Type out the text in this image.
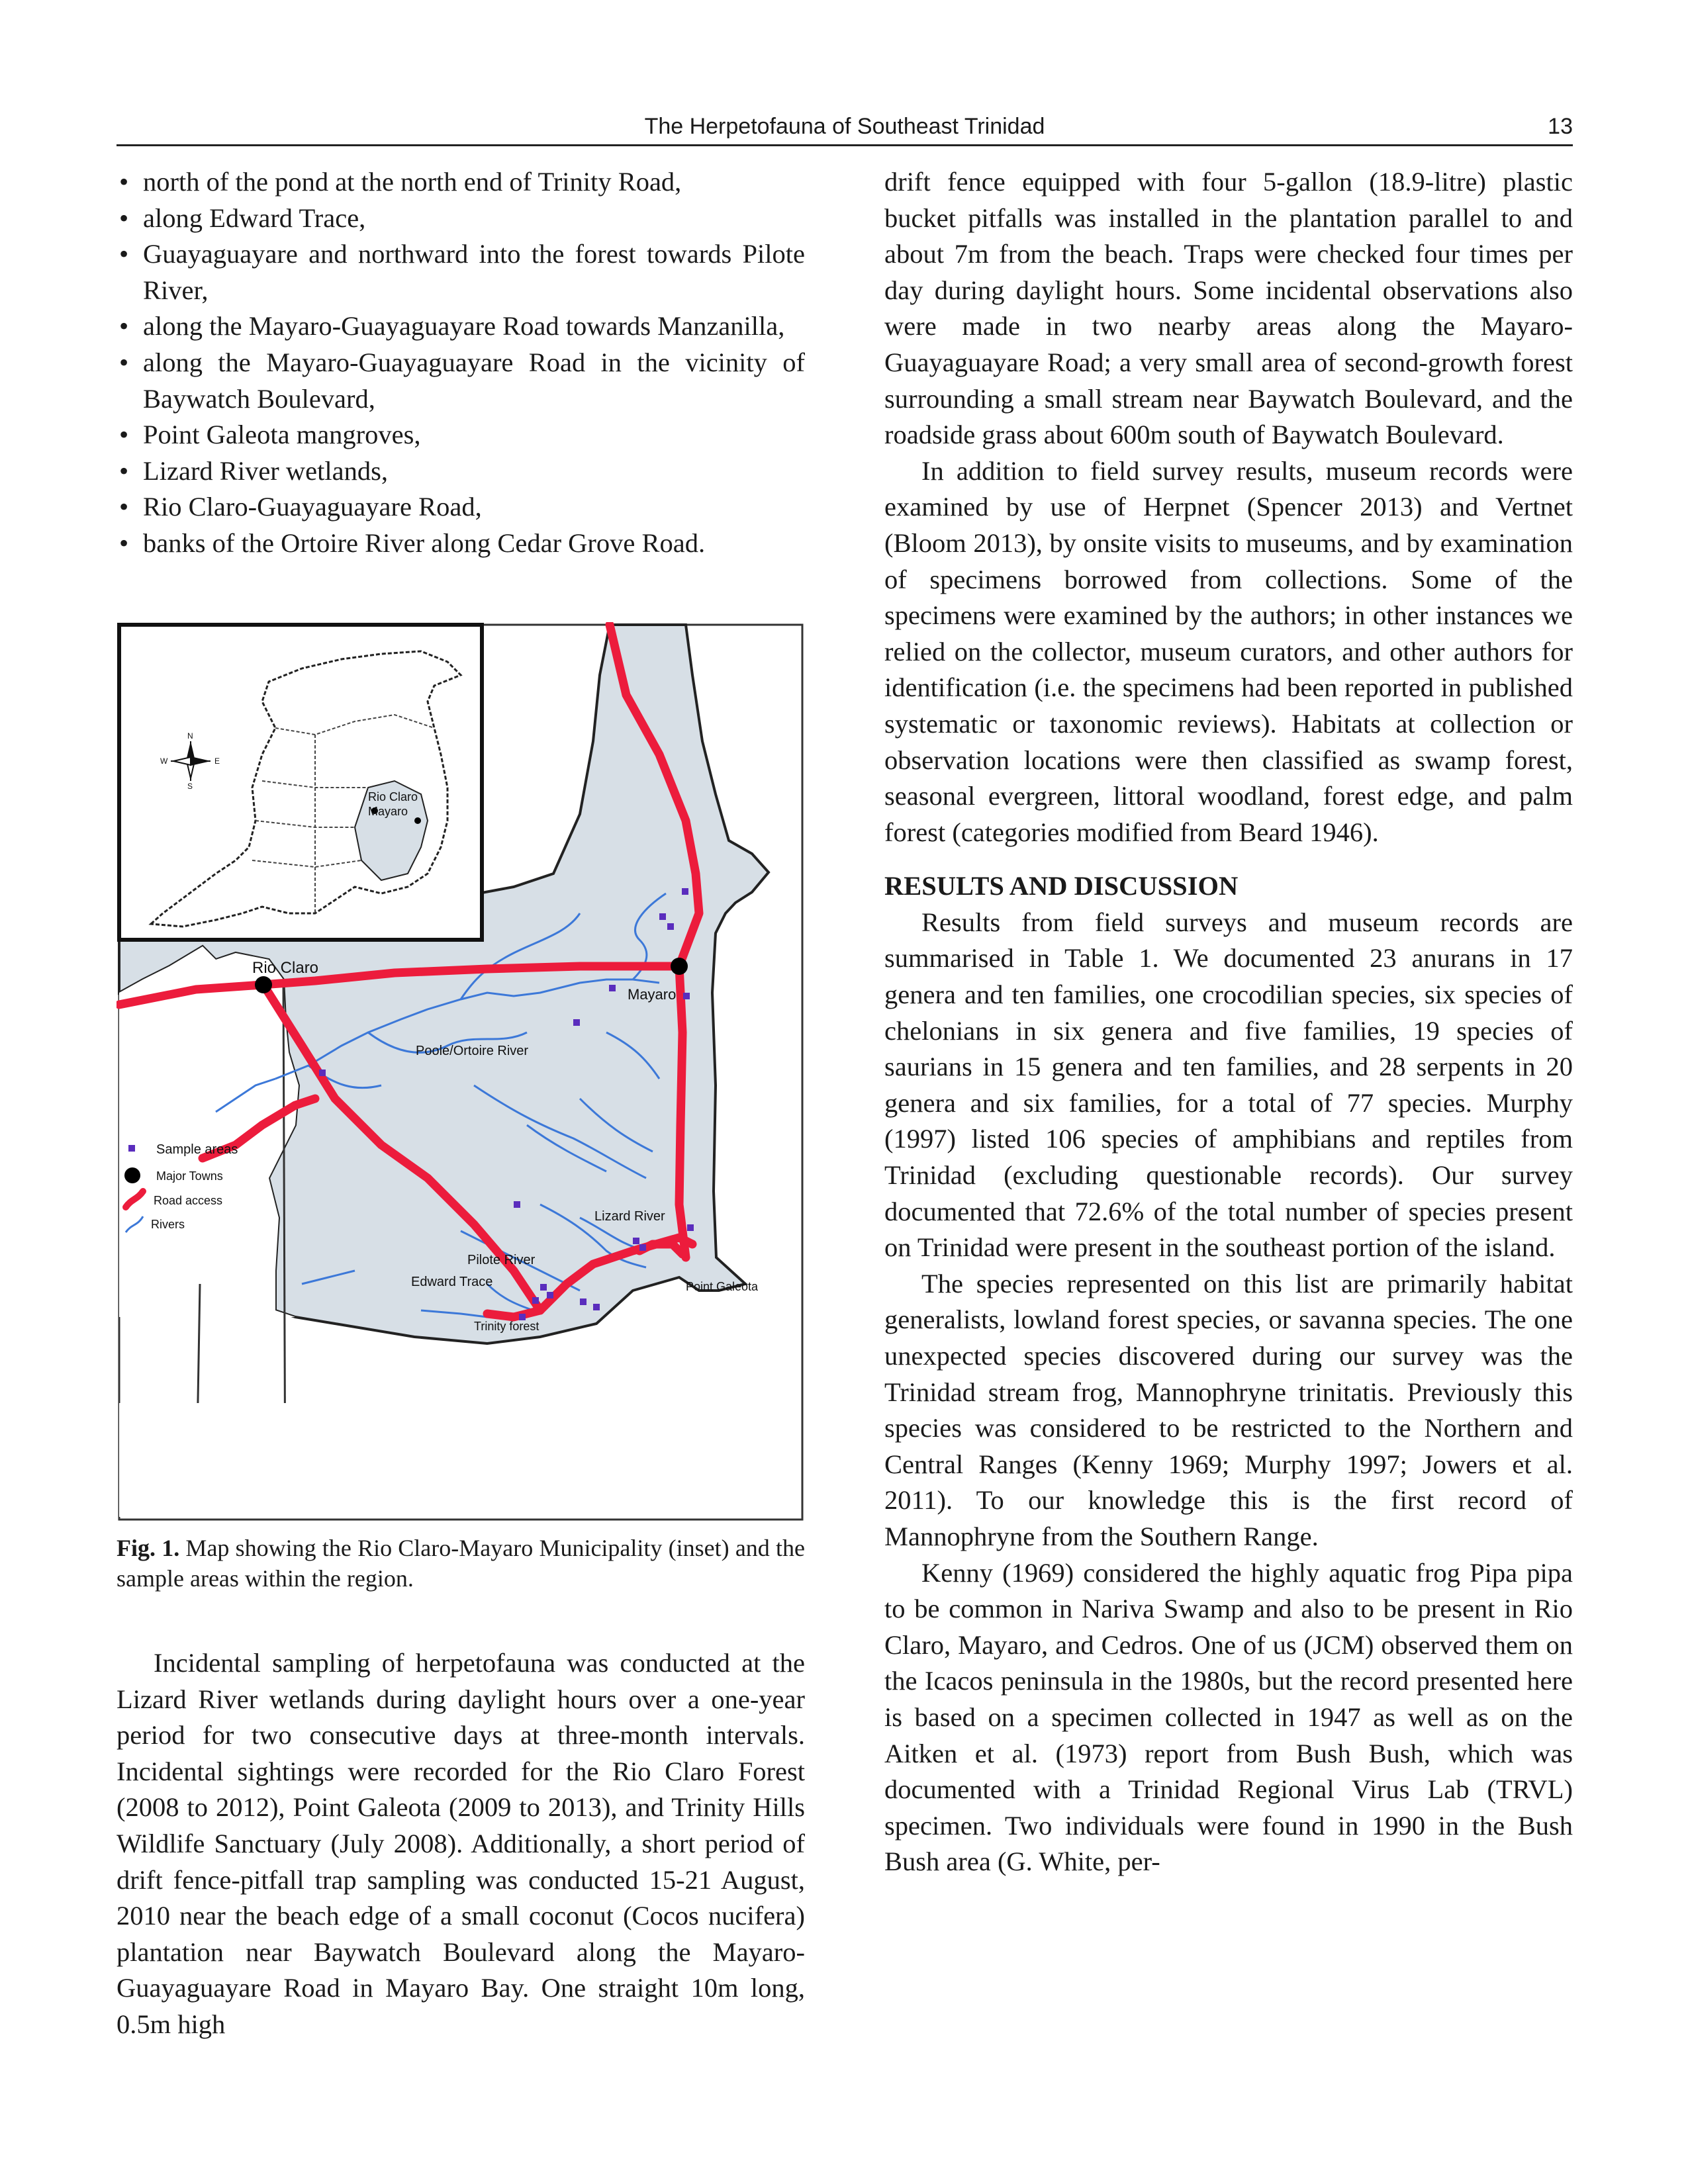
The Herpetofauna of Southeast Trinidad	13
• north of the pond at the north end of Trinity Road,
• along Edward Trace,
• Guayaguayare and northward into the forest towards Pilote River,
• along the Mayaro-Guayaguayare Road towards Manzanilla,
• along the Mayaro-Guayaguayare Road in the vicinity of Baywatch Boulevard,
• Point Galeota mangroves,
• Lizard River wetlands,
• Rio Claro-Guayaguayare Road,
• banks of the Ortoire River along Cedar Grove Road.
Rio Claro
Mayaro
Poole/Ortoire River
Lizard River
Pilote River
Edward Trace
Trinity forest
Point Galeota
Sample areas
Major Towns
Road access
Rivers
Rio Claro
Mayaro
N
S
W	E
Fig. 1. Map showing the Rio Claro-Mayaro Municipality (inset) and the sample areas within the region.

Incidental sampling of herpetofauna was conducted at the Lizard River wetlands during daylight hours over a one-year period for two consecutive days at three-month intervals. Incidental sightings were recorded for the Rio Claro Forest (2008 to 2012), Point Galeota (2009 to 2013), and Trinity Hills Wildlife Sanctuary (July 2008). Additionally, a short period of drift fence-pitfall trap sampling was conducted 15-21 August, 2010 near the beach edge of a small coconut (Cocos nucifera) plantation near Baywatch Boulevard along the Mayaro-Guayaguayare Road in Mayaro Bay. One straight 10m long, 0.5m high

drift fence equipped with four 5-gallon (18.9-litre) plastic bucket pitfalls was installed in the plantation parallel to and about 7m from the beach. Traps were checked four times per day during daylight hours. Some incidental observations also were made in two nearby areas along the Mayaro-Guayaguayare Road; a very small area of second-growth forest surrounding a small stream near Baywatch Boulevard, and the roadside grass about 600m south of Baywatch Boulevard.

In addition to field survey results, museum records were examined by use of Herpnet (Spencer 2013) and Vertnet (Bloom 2013), by onsite visits to museums, and by examination of specimens borrowed from collections. Some of the specimens were examined by the authors; in other instances we relied on the collector, museum curators, and other authors for identification (i.e. the specimens had been reported in published systematic or taxonomic reviews). Habitats at collection or observation locations were then classified as swamp forest, seasonal evergreen, littoral woodland, forest edge, and palm forest (categories modified from Beard 1946).

RESULTS AND DISCUSSION

Results from field surveys and museum records are summarised in Table 1. We documented 23 anurans in 17 genera and ten families, one crocodilian species, six species of chelonians in six genera and five families, 19 species of saurians in 15 genera and ten families, and 28 serpents in 20 genera and six families, for a total of 77 species. Murphy (1997) listed 106 species of amphibians and reptiles from Trinidad (excluding questionable records). Our survey documented that 72.6% of the total number of species present on Trinidad were present in the southeast portion of the island.

The species represented on this list are primarily habitat generalists, lowland forest species, or savanna species. The one unexpected species discovered during our survey was the Trinidad stream frog, Mannophryne trinitatis. Previously this species was considered to be restricted to the Northern and Central Ranges (Kenny 1969; Murphy 1997; Jowers et al. 2011). To our knowledge this is the first record of Mannophryne from the Southern Range.

Kenny (1969) considered the highly aquatic frog Pipa pipa to be common in Nariva Swamp and also to be present in Rio Claro, Mayaro, and Cedros. One of us (JCM) observed them on the Icacos peninsula in the 1980s, but the record presented here is based on a specimen collected in 1947 as well as on the Aitken et al. (1973) report from Bush Bush, which was documented with a Trinidad Regional Virus Lab (TRVL) specimen. Two individuals were found in 1990 in the Bush Bush area (G. White, per-
